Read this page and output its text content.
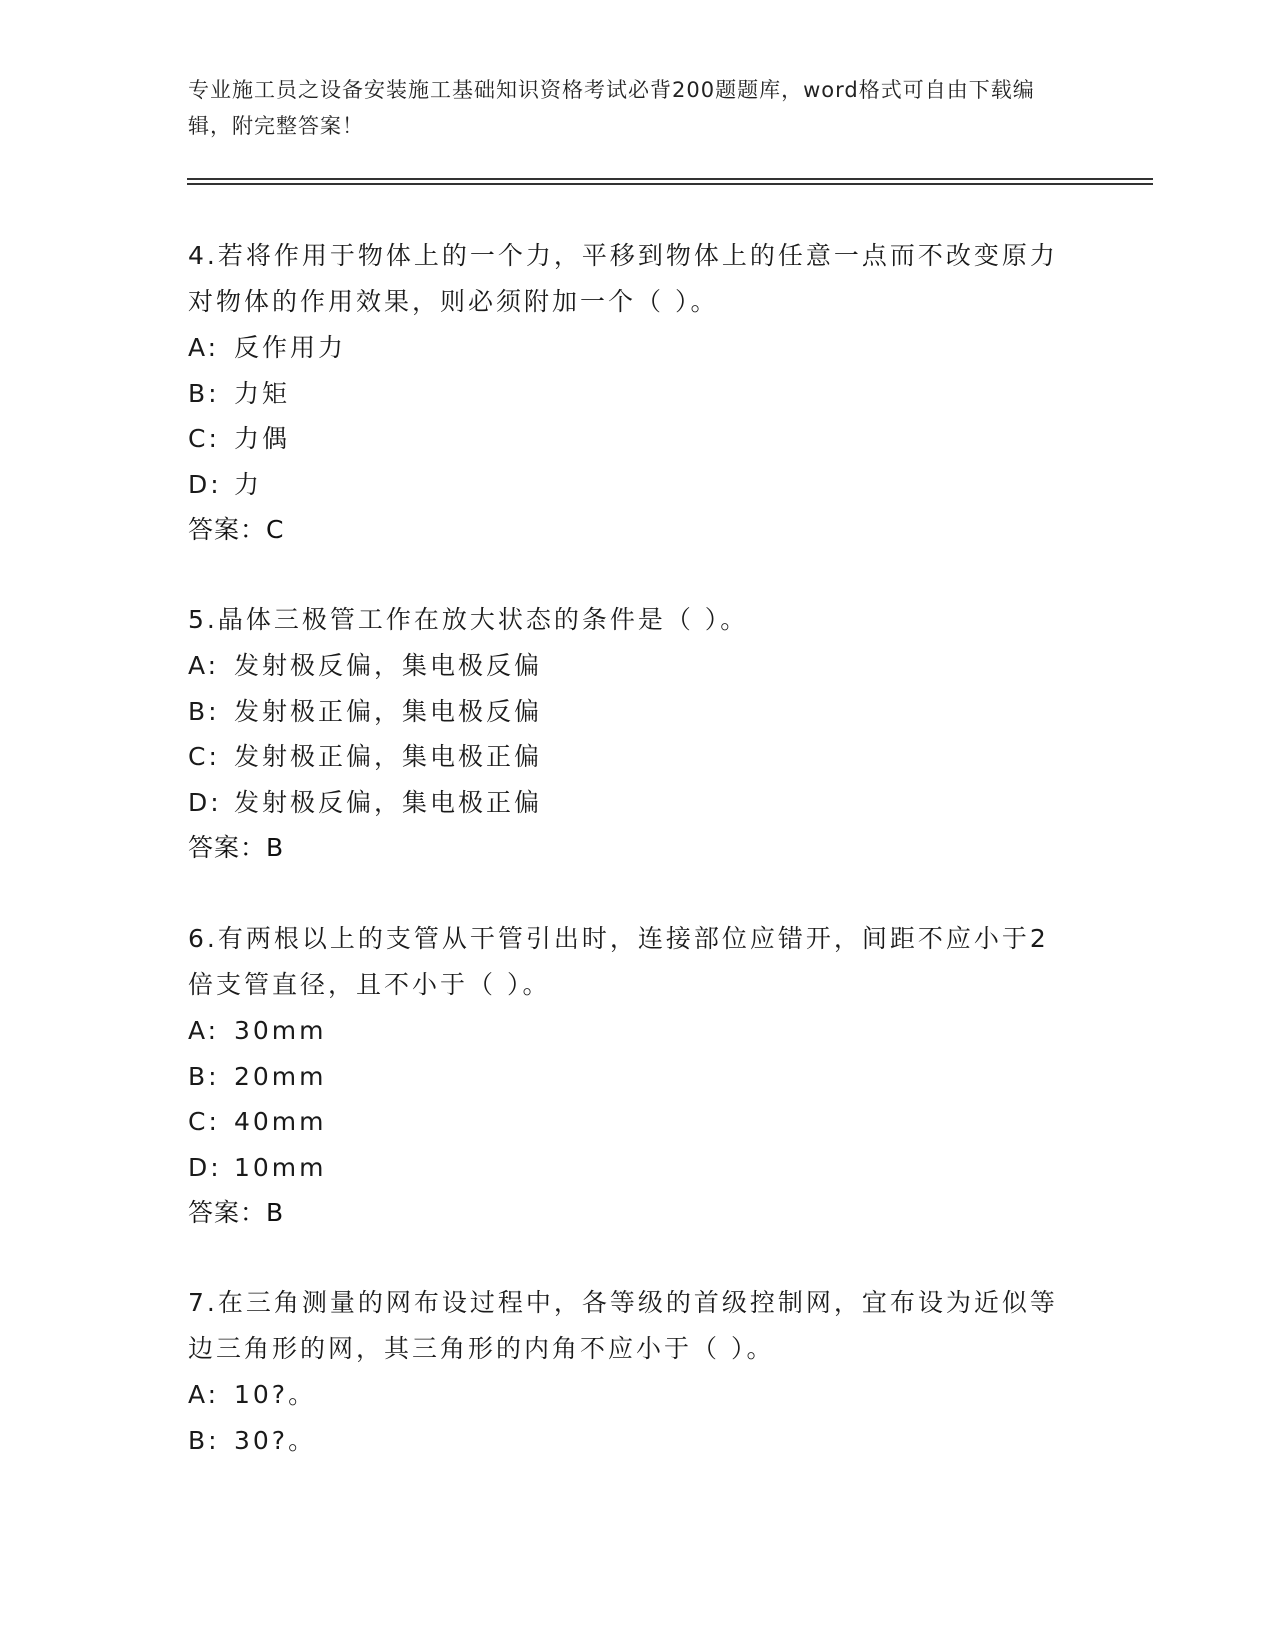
专业施工员之设备安装施工基础知识资格考试必背200题题库，word格式可自由下载编辑，附完整答案！
4.若将作用于物体上的一个力，平移到物体上的任意一点而不改变原力对物体的作用效果，则必须附加一个（ ）。
A: 反作用力
B: 力矩
C: 力偶
D: 力
答案：C
5.晶体三极管工作在放大状态的条件是（ ）。
A: 发射极反偏，集电极反偏
B: 发射极正偏，集电极反偏
C: 发射极正偏，集电极正偏
D: 发射极反偏，集电极正偏
答案：B
6.有两根以上的支管从干管引出时，连接部位应错开，间距不应小于2倍支管直径，且不小于（ ）。
A: 30mm
B: 20mm
C: 40mm
D: 10mm
答案：B
7.在三角测量的网布设过程中，各等级的首级控制网，宜布设为近似等边三角形的网，其三角形的内角不应小于（ ）。
A: 10?。
B: 30?。
